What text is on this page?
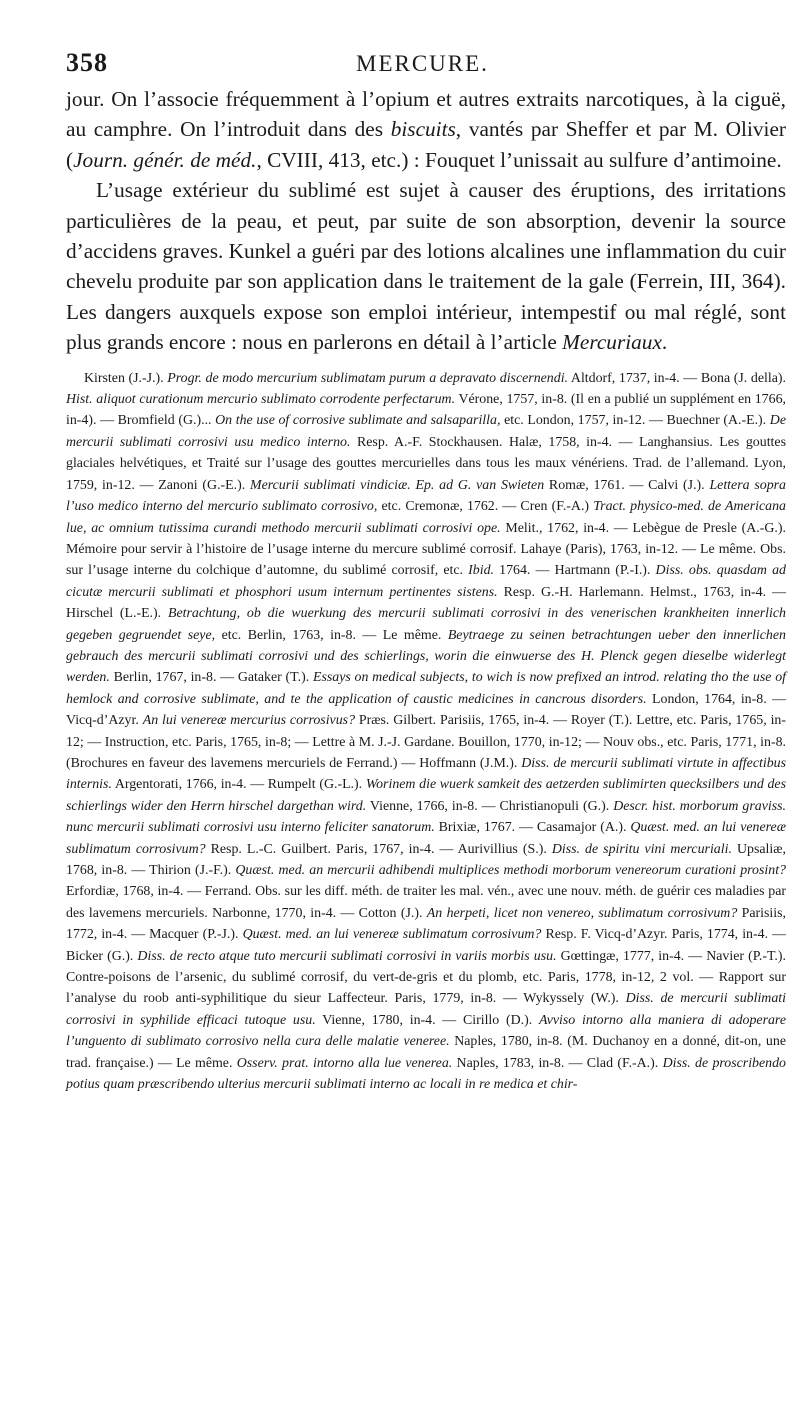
358	MERCURE.

jour. On l’associe fréquemment à l’opium et autres extraits narcotiques, à la ciguë, au camphre. On l’introduit dans des biscuits, vantés par Sheffer et par M. Olivier (Journ. génér. de méd., CVIII, 413, etc.) : Fouquet l’unissait au sulfure d’antimoine.

L’usage extérieur du sublimé est sujet à causer des éruptions, des irritations particulières de la peau, et peut, par suite de son absorption, devenir la source d’accidens graves. Kunkel a guéri par des lotions alcalines une inflammation du cuir chevelu produite par son application dans le traitement de la gale (Ferrein, III, 364). Les dangers auxquels expose son emploi intérieur, intempestif ou mal réglé, sont plus grands encore : nous en parlerons en détail à l’article Mercuriaux.

Kirsten (J.-J.). Progr. de modo mercurium sublimatam purum a depravato discernendi. Altdorf, 1737, in-4. — Bona (J. della). Hist. aliquot curationum mercurio sublimato corrodente perfectarum. Vérone, 1757, in-8. (Il en a publié un supplément en 1766, in-4). — Bromfield (G.)... On the use of corrosive sublimate and salsaparilla, etc. London, 1757, in-12. — Buechner (A.-E.). De mercurii sublimati corrosivi usu medico interno. Resp. A.-F. Stockhausen. Halæ, 1758, in-4. — Langhansius. Les gouttes glaciales helvétiques, et Traité sur l’usage des gouttes mercurielles dans tous les maux vénériens. Trad. de l’allemand. Lyon, 1759, in-12. — Zanoni (G.-E.). Mercurii sublimati vindiciæ. Ep. ad G. van Swieten Romæ, 1761. — Calvi (J.). Lettera sopra l’uso medico interno del mercurio sublimato corrosivo, etc. Cremonæ, 1762. — Cren (F.-A.) Tract. physico-med. de Americana lue, ac omnium tutissima curandi methodo mercurii sublimati corrosivi ope. Melit., 1762, in-4. — Lebègue de Presle (A.-G.). Mémoire pour servir à l’histoire de l’usage interne du mercure sublimé corrosif. Lahaye (Paris), 1763, in-12. — Le même. Obs. sur l’usage interne du colchique d’automne, du sublimé corrosif, etc. Ibid. 1764. — Hartmann (P.-I.). Diss. obs. quasdam ad cicutæ mercurii sublimati et phosphori usum internum pertinentes sistens. Resp. G.-H. Harlemann. Helmst., 1763, in-4. — Hirschel (L.-E.). Betrachtung, ob die wuerkung des mercurii sublimati corrosivi in des venerischen krankheiten innerlich gegeben gegruendet seye, etc. Berlin, 1763, in-8. — Le même. Beytraege zu seinen betrachtungen ueber den innerlichen gebrauch des mercurii sublimati corrosivi und des schierlings, worin die einwuerse des H. Plenck gegen dieselbe widerlegt werden. Berlin, 1767, in-8. — Gataker (T.). Essays on medical subjects, to wich is now prefixed an introd. relating tho the use of hemlock and corrosive sublimate, and te the application of caustic medicines in cancrous disorders. London, 1764, in-8. — Vicq-d’Azyr. An lui venereæ mercurius corrosivus? Præs. Gilbert. Parisiis, 1765, in-4. — Royer (T.). Lettre, etc. Paris, 1765, in-12; — Instruction, etc. Paris, 1765, in-8; — Lettre à M. J.-J. Gardane. Bouillon, 1770, in-12; — Nouv obs., etc. Paris, 1771, in-8. (Brochures en faveur des lavemens mercuriels de Ferrand.) — Hoffmann (J.M.). Diss. de mercurii sublimati virtute in affectibus internis. Argentorati, 1766, in-4. — Rumpelt (G.-L.). Worinem die wuerk samkeit des aetzerden sublimirten quecksilbers und des schierlings wider den Herrn hirschel dargethan wird. Vienne, 1766, in-8. — Christianopuli (G.). Descr. hist. morborum graviss. nunc mercurii sublimati corrosivi usu interno feliciter sanatorum. Brixiæ, 1767. — Casamajor (A.). Quæst. med. an lui venereæ sublimatum corrosivum? Resp. L.-C. Guilbert. Paris, 1767, in-4. — Aurivillius (S.). Diss. de spiritu vini mercuriali. Upsaliæ, 1768, in-8. — Thirion (J.-F.). Quæst. med. an mercurii adhibendi multiplices methodi morborum venereorum curationi prosint? Erfordiæ, 1768, in-4. — Ferrand. Obs. sur les diff. méth. de traiter les mal. vén., avec une nouv. méth. de guérir ces maladies par des lavemens mercuriels. Narbonne, 1770, in-4. — Cotton (J.). An herpeti, licet non venereo, sublimatum corrosivum? Parisiis, 1772, in-4. — Macquer (P.-J.). Quæst. med. an lui venereæ sublimatum corrosivum? Resp. F. Vicq-d’Azyr. Paris, 1774, in-4. — Bicker (G.). Diss. de recto atque tuto mercurii sublimati corrosivi in variis morbis usu. Gœttingæ, 1777, in-4. — Navier (P.-T.). Contre-poisons de l’arsenic, du sublimé corrosif, du vert-de-gris et du plomb, etc. Paris, 1778, in-12, 2 vol. — Rapport sur l’analyse du roob anti-syphilitique du sieur Laffecteur. Paris, 1779, in-8. — Wykyssely (W.). Diss. de mercurii sublimati corrosivi in syphilide efficaci tutoque usu. Vienne, 1780, in-4. — Cirillo (D.). Avviso intorno alla maniera di adoperare l’unguento di sublimato corrosivo nella cura delle malatie veneree. Naples, 1780, in-8. (M. Duchanoy en a donné, dit-on, une trad. française.) — Le même. Osserv. prat. intorno alla lue venerea. Naples, 1783, in-8. — Clad (F.-A.). Diss. de proscribendo potius quam præscribendo ulterius mercurii sublimati interno ac locali in re medica et chir-
